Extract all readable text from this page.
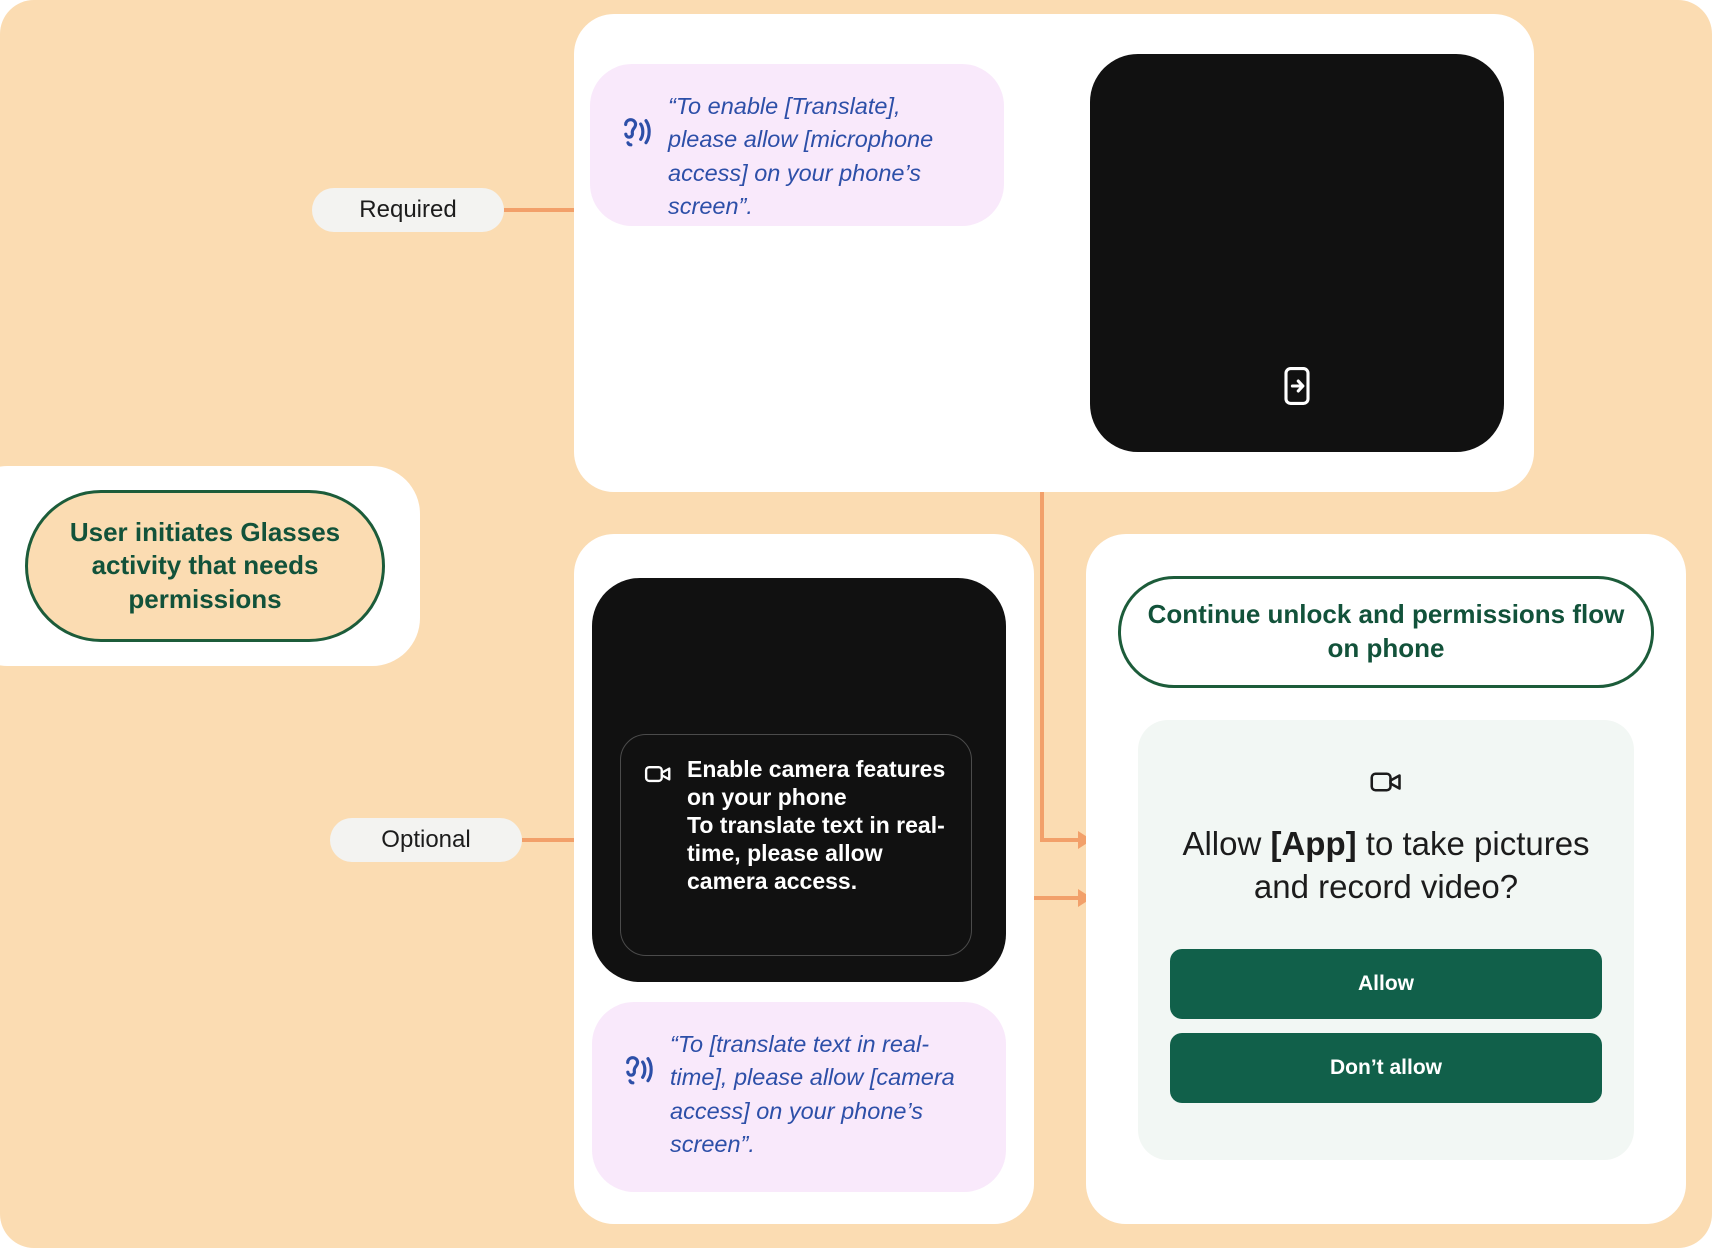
User initiates Glasses activity that needs permissions
Required
Optional
“To enable [Translate], please allow [microphone access] on your phone’s screen”.
Enable camera features on your phone
To translate text in real-time, please allow camera access.
“To [translate text in real-time], please allow [camera access] on your phone’s screen”.
Continue unlock and permissions flow on phone
Allow [App] to take pictures and record video?
Allow
Don’t allow
